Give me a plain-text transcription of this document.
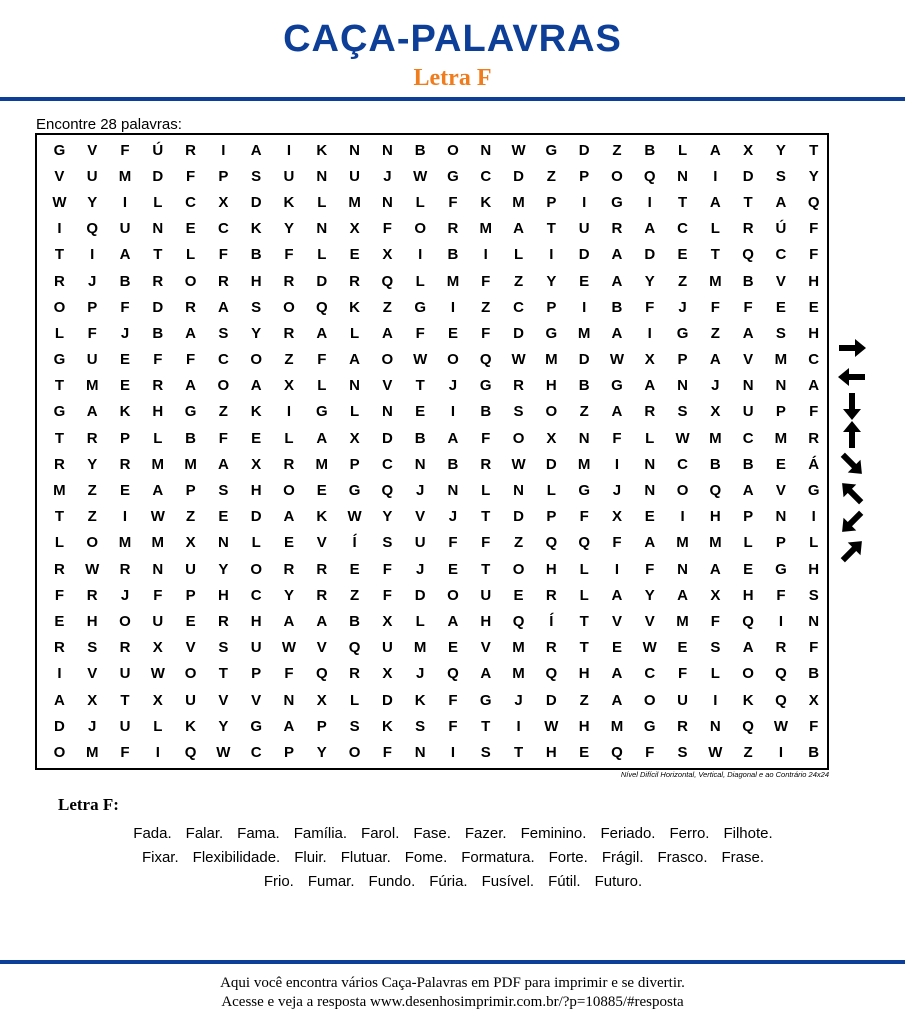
CAÇA-PALAVRAS
Letra F
Encontre 28 palavras:
G	V	F	Ú	R	I	A	I	K	N	N	B	O	N	W	G	D	Z	B	L	A	X	Y	T
V	U	M	D	F	P	S	U	N	U	J	W	G	C	D	Z	P	O	Q	N	I	D	S	Y
W	Y	I	L	C	X	D	K	L	M	N	L	F	K	M	P	I	G	I	T	A	T	A	Q
I	Q	U	N	E	C	K	Y	N	X	F	O	R	M	A	T	U	R	A	C	L	R	Ú	F
T	I	A	T	L	F	B	F	L	E	X	I	B	I	L	I	D	A	D	E	T	Q	C	F
R	J	B	R	O	R	H	R	D	R	Q	L	M	F	Z	Y	E	A	Y	Z	M	B	V	H
O	P	F	D	R	A	S	O	Q	K	Z	G	I	Z	C	P	I	B	F	J	F	F	E	E
L	F	J	B	A	S	Y	R	A	L	A	F	E	F	D	G	M	A	I	G	Z	A	S	H
G	U	E	F	F	C	O	Z	F	A	O	W	O	Q	W	M	D	W	X	P	A	V	M	C
T	M	E	R	A	O	A	X	L	N	V	T	J	G	R	H	B	G	A	N	J	N	N	A
G	A	K	H	G	Z	K	I	G	L	N	E	I	B	S	O	Z	A	R	S	X	U	P	F
T	R	P	L	B	F	E	L	A	X	D	B	A	F	O	X	N	F	L	W	M	C	M	R
R	Y	R	M	M	A	X	R	M	P	C	N	B	R	W	D	M	I	N	C	B	B	E	Á
M	Z	E	A	P	S	H	O	E	G	Q	J	N	L	N	L	G	J	N	O	Q	A	V	G
T	Z	I	W	Z	E	D	A	K	W	Y	V	J	T	D	P	F	X	E	I	H	P	N	I
L	O	M	M	X	N	L	E	V	Í	S	U	F	F	Z	Q	Q	F	A	M	M	L	P	L
R	W	R	N	U	Y	O	R	R	E	F	J	E	T	O	H	L	I	F	N	A	E	G	H
F	R	J	F	P	H	C	Y	R	Z	F	D	O	U	E	R	L	A	Y	A	X	H	F	S
E	H	O	U	E	R	H	A	A	B	X	L	A	H	Q	Í	T	V	V	M	F	Q	I	N
R	S	R	X	V	S	U	W	V	Q	U	M	E	V	M	R	T	E	W	E	S	A	R	F
I	V	U	W	O	T	P	F	Q	R	X	J	Q	A	M	Q	H	A	C	F	L	O	Q	B
A	X	T	X	U	V	V	N	X	L	D	K	F	G	J	D	Z	A	O	U	I	K	Q	X
D	J	U	L	K	Y	G	A	P	S	K	S	F	T	I	W	H	M	G	R	N	Q	W	F
O	M	F	I	Q	W	C	P	Y	O	F	N	I	S	T	H	E	Q	F	S	W	Z	I	B
Nível Difícil Horizontal, Vertical, Diagonal e ao Contrário 24x24
Letra F:
Fada. Falar. Fama. Família. Farol. Fase. Fazer. Feminino. Feriado. Ferro. Filhote.
Fixar. Flexibilidade. Fluir. Flutuar. Fome. Formatura. Forte. Frágil. Frasco. Frase.
Frio. Fumar. Fundo. Fúria. Fusível. Fútil. Futuro.
Aqui você encontra vários Caça-Palavras em PDF para imprimir e se divertir.
Acesse e veja a resposta www.desenhosimprimir.com.br/?p=10885/#resposta
